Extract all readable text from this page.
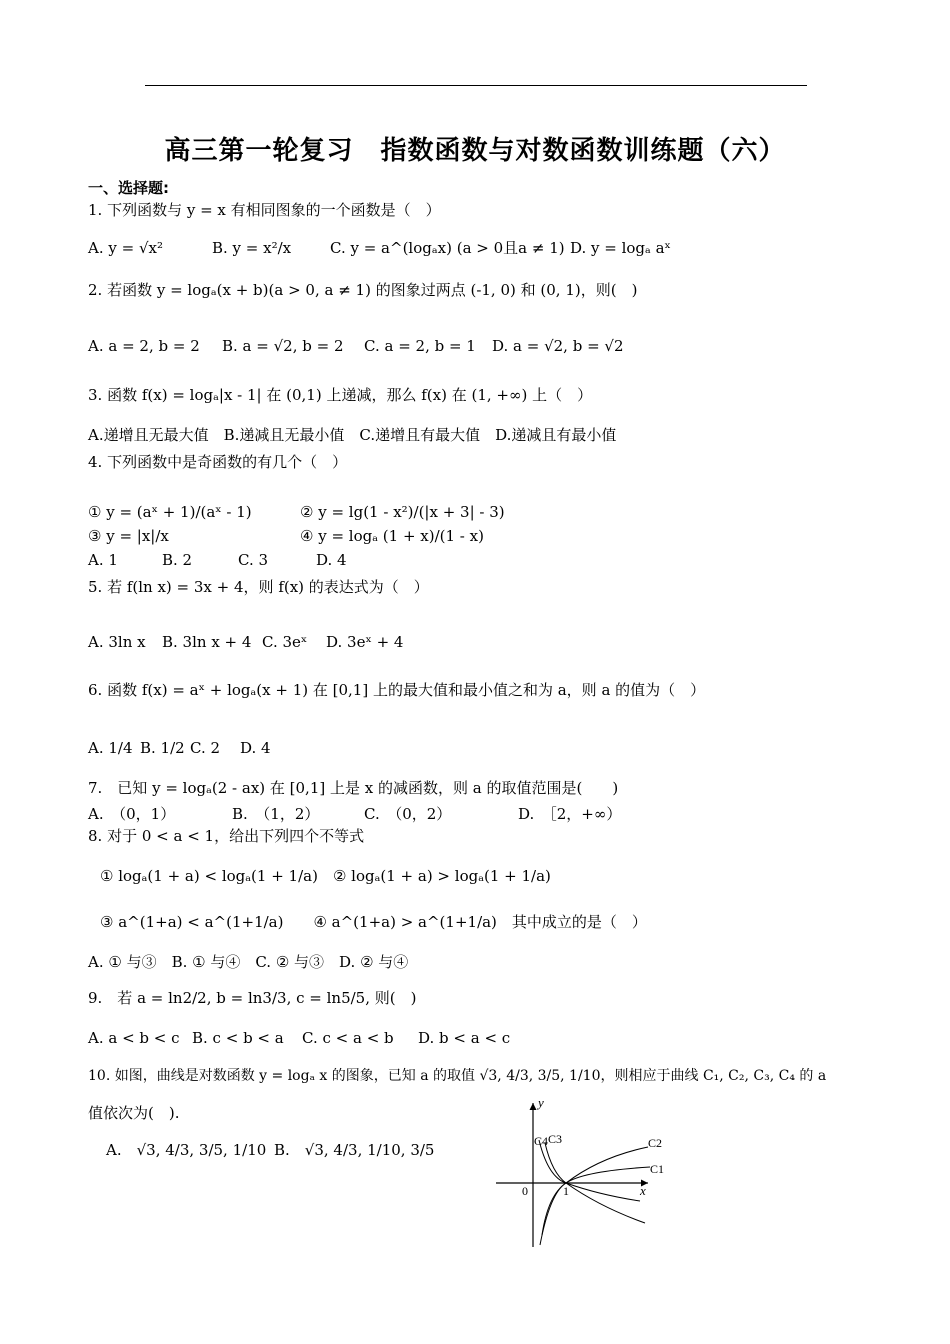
高三第一轮复习　指数函数与对数函数训练题（六）
一、选择题:
1. 下列函数与 y = x 有相同图象的一个函数是（　）
A. y = √x²	B. y = x²/x	C. y = a^(logₐx) (a > 0且a ≠ 1) D. y = logₐ aˣ
2. 若函数 y = logₐ(x + b)(a > 0, a ≠ 1) 的图象过两点 (-1, 0) 和 (0, 1)，则(　)
A. a = 2, b = 2 B. a = √2, b = 2 C. a = 2, b = 1 D. a = √2, b = √2
3. 函数 f(x) = logₐ|x - 1| 在 (0,1) 上递减，那么 f(x) 在 (1, +∞) 上（　）
A.递增且无最大值　B.递减且无最小值　C.递增且有最大值　D.递减且有最小值
4. 下列函数中是奇函数的有几个（　）
① y = (aˣ + 1)/(aˣ - 1)	② y = lg(1 - x²)/(|x + 3| - 3)
③ y = |x|/x	④ y = logₐ (1 + x)/(1 - x)
A. 1	B. 2	C. 3	D. 4
5. 若 f(ln x) = 3x + 4，则 f(x) 的表达式为（　）
A. 3ln x B. 3ln x + 4 C. 3eˣ D. 3eˣ + 4
6. 函数 f(x) = aˣ + logₐ(x + 1) 在 [0,1] 上的最大值和最小值之和为 a，则 a 的值为（　）
A. 1/4 B. 1/2 C. 2 D. 4
7.　已知 y = logₐ(2 - ax) 在 [0,1] 上是 x 的减函数，则 a 的取值范围是(　　)
A.　（0，1）	B.　（1，2）	C.　（0，2）	D.　［2，+∞）
8. 对于 0 < a < 1，给出下列四个不等式
① logₐ(1 + a) < logₐ(1 + 1/a)　② logₐ(1 + a) > logₐ(1 + 1/a)
③ a^(1+a) < a^(1+1/a)　　④ a^(1+a) > a^(1+1/a)　其中成立的是（　）
A. ① 与③　B. ① 与④　C. ② 与③　D. ② 与④
9.　若 a = ln2/2, b = ln3/3, c = ln5/5, 则(　)
A. a < b < c B. c < b < a C. c < a < b D. b < a < c
10. 如图，曲线是对数函数 y = logₐ x 的图象，已知 a 的取值 √3, 4/3, 3/5, 1/10，则相应于曲线 C₁, C₂, C₃, C₄ 的 a
值依次为(　).
A.　√3, 4/3, 3/5, 1/10 B.　√3, 4/3, 1/10, 3/5
x
y
0	1
C1
C2
C3
C4
